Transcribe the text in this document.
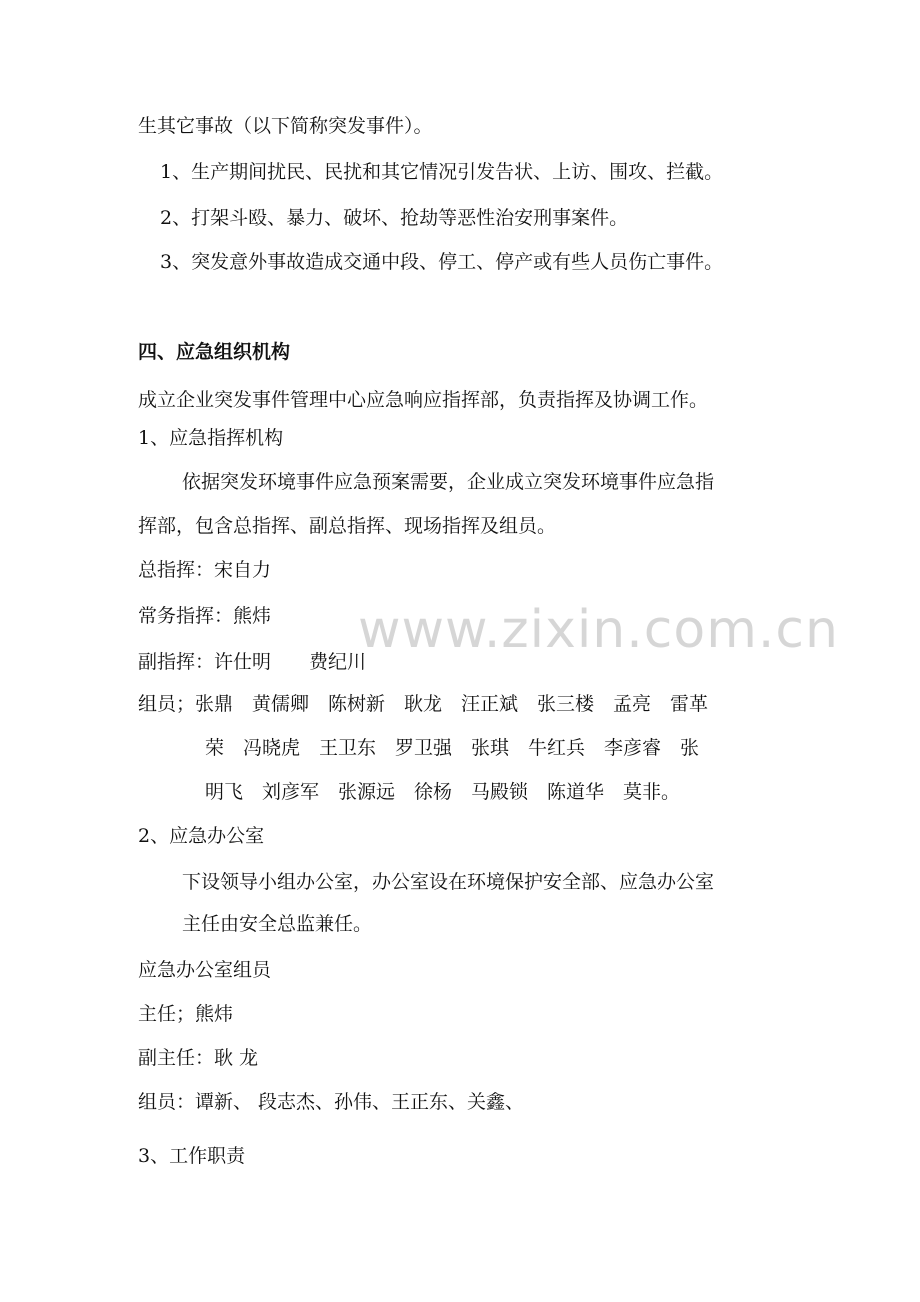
www.zixin.com.cn
生其它事故（以下简称突发事件）。
1、生产期间扰民、民扰和其它情况引发告状、上访、围攻、拦截。
2、打架斗殴、暴力、破坏、抢劫等恶性治安刑事案件。
3、突发意外事故造成交通中段、停工、停产或有些人员伤亡事件。
四、应急组织机构
成立企业突发事件管理中心应急响应指挥部，负责指挥及协调工作。
1、应急指挥机构
依据突发环境事件应急预案需要，企业成立突发环境事件应急指
挥部，包含总指挥、副总指挥、现场指挥及组员。
总指挥：宋自力
常务指挥：熊炜
副指挥：许仕明　　费纪川
组员；张鼎　黄儒卿　陈树新　耿龙　汪正斌　张三楼　孟亮　雷革
荣　冯晓虎　王卫东　罗卫强　张琪　牛红兵　李彦睿　张
明飞　刘彦军　张源远　徐杨　马殿锁　陈道华　莫非。
2、应急办公室
下设领导小组办公室，办公室设在环境保护安全部、应急办公室
主任由安全总监兼任。
应急办公室组员
主任；熊炜
副主任：耿 龙
组员：谭新、 段志杰、孙伟、王正东、关鑫、
3、工作职责
